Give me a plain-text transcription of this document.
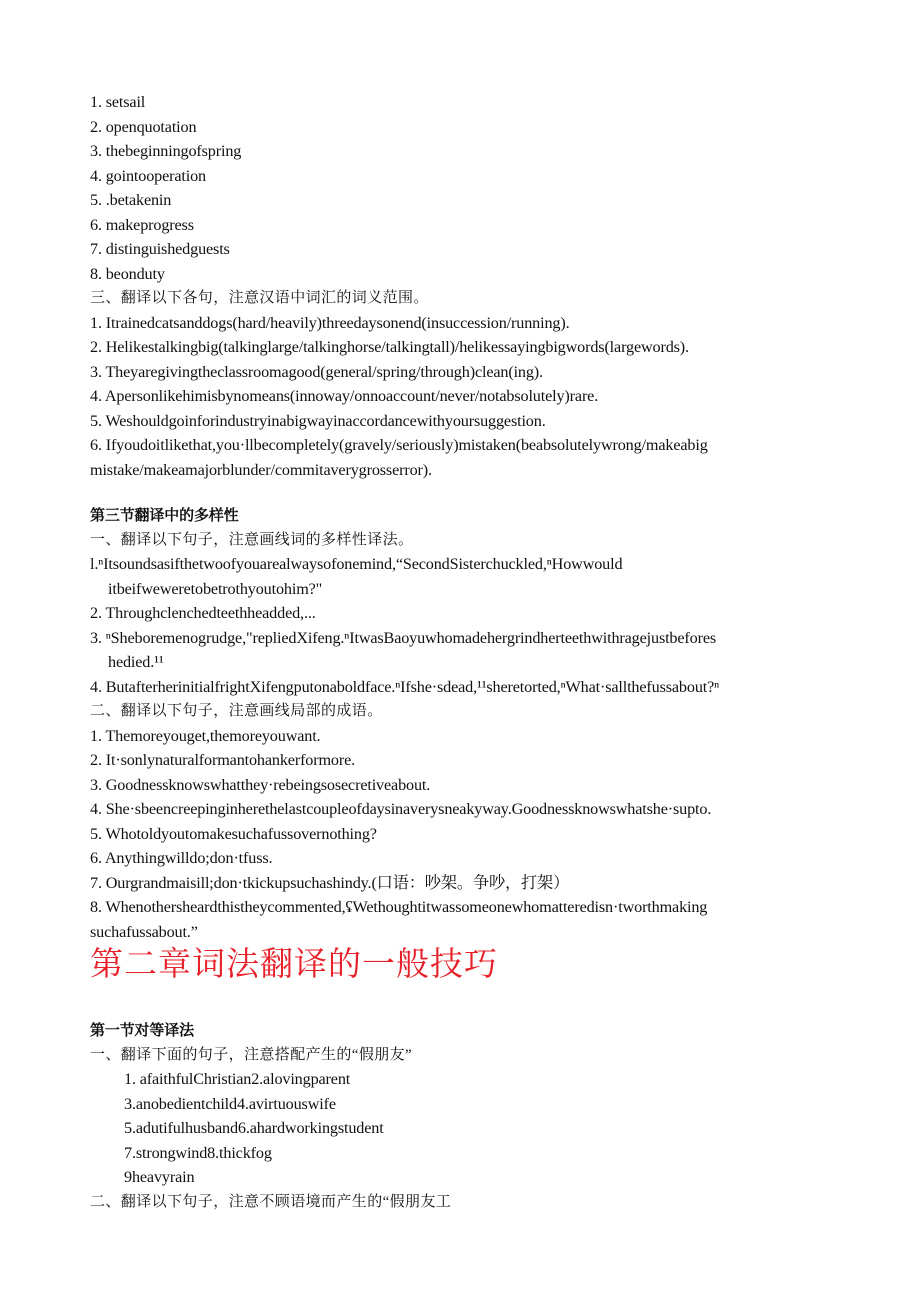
1. setsail
2. openquotation
3. thebeginningofspring
4. gointooperation
5. .betakenin
6. makeprogress
7. distinguishedguests
8. beonduty
三、翻译以下各句，注意汉语中词汇的词义范围。
1. Itrainedcatsanddogs(hard/heavily)threedaysonend(insuccession/running).
2. Helikestalkingbig(talkinglarge/talkinghorse/talkingtall)/helikessayingbigwords(largewords).
3. Theyaregivingtheclassroomagood(general/spring/through)clean(ing).
4. Apersonlikehimisbynomeans(innoway/onnoaccount/never/notabsolutely)rare.
5. Weshouldgoinforindustryinabigwayinaccordancewithyoursuggestion.
6. Ifyoudoitlikethat,you·llbecompletely(gravely/seriously)mistaken(beabsolutelywrong/makeabig
mistake/makeamajorblunder/commitaverygrosserror).
第三节翻译中的多样性
一、翻译以下句子，注意画线词的多样性译法。
l.ⁿItsoundsasifthetwoofyouarealwaysofonemind,“SecondSisterchuckled,ⁿHowwould
itbeifweweretobetrothyoutohim?"
2. Throughclenchedteethheadded,...
3. ⁿSheboremenogrudge,"repliedXifeng.ⁿItwasBaoyuwhomadehergrindherteethwithragejustbefores
hedied.¹¹
4. ButafterherinitialfrightXifengputonaboldface.ⁿIfshe·sdead,¹¹sheretorted,ⁿWhat·sallthefussabout?ⁿ
二、翻译以下句子，注意画线局部的成语。
1. Themoreyouget,themoreyouwant.
2. It·sonlynaturalformantohankerformore.
3. Goodnessknowswhatthey·rebeingsosecretiveabout.
4. She·sbeencreepinginherethelastcoupleofdaysinaverysneakyway.Goodnessknowswhatshe·supto.
5. Whotoldyoutomakesuchafussovernothing?
6. Anythingwilldo;don·tfuss.
7. Ourgrandmaisill;don·tkickupsuchashindy.(口语：吵架。争吵，打架）
8. Whenothersheardthistheycommented,ʢWethoughtitwassomeonewhomatteredisn·tworthmaking
suchafussabout.”
第二章词法翻译的一般技巧
第一节对等译法
一、翻译下面的句子，注意搭配产生的“假朋友”
1. afaithfulChristian2.alovingparent
3.anobedientchild4.avirtuouswife
5.adutifulhusband6.ahardworkingstudent
7.strongwind8.thickfog
9heavyrain
二、翻译以下句子，注意不顾语境而产生的“假朋友工
